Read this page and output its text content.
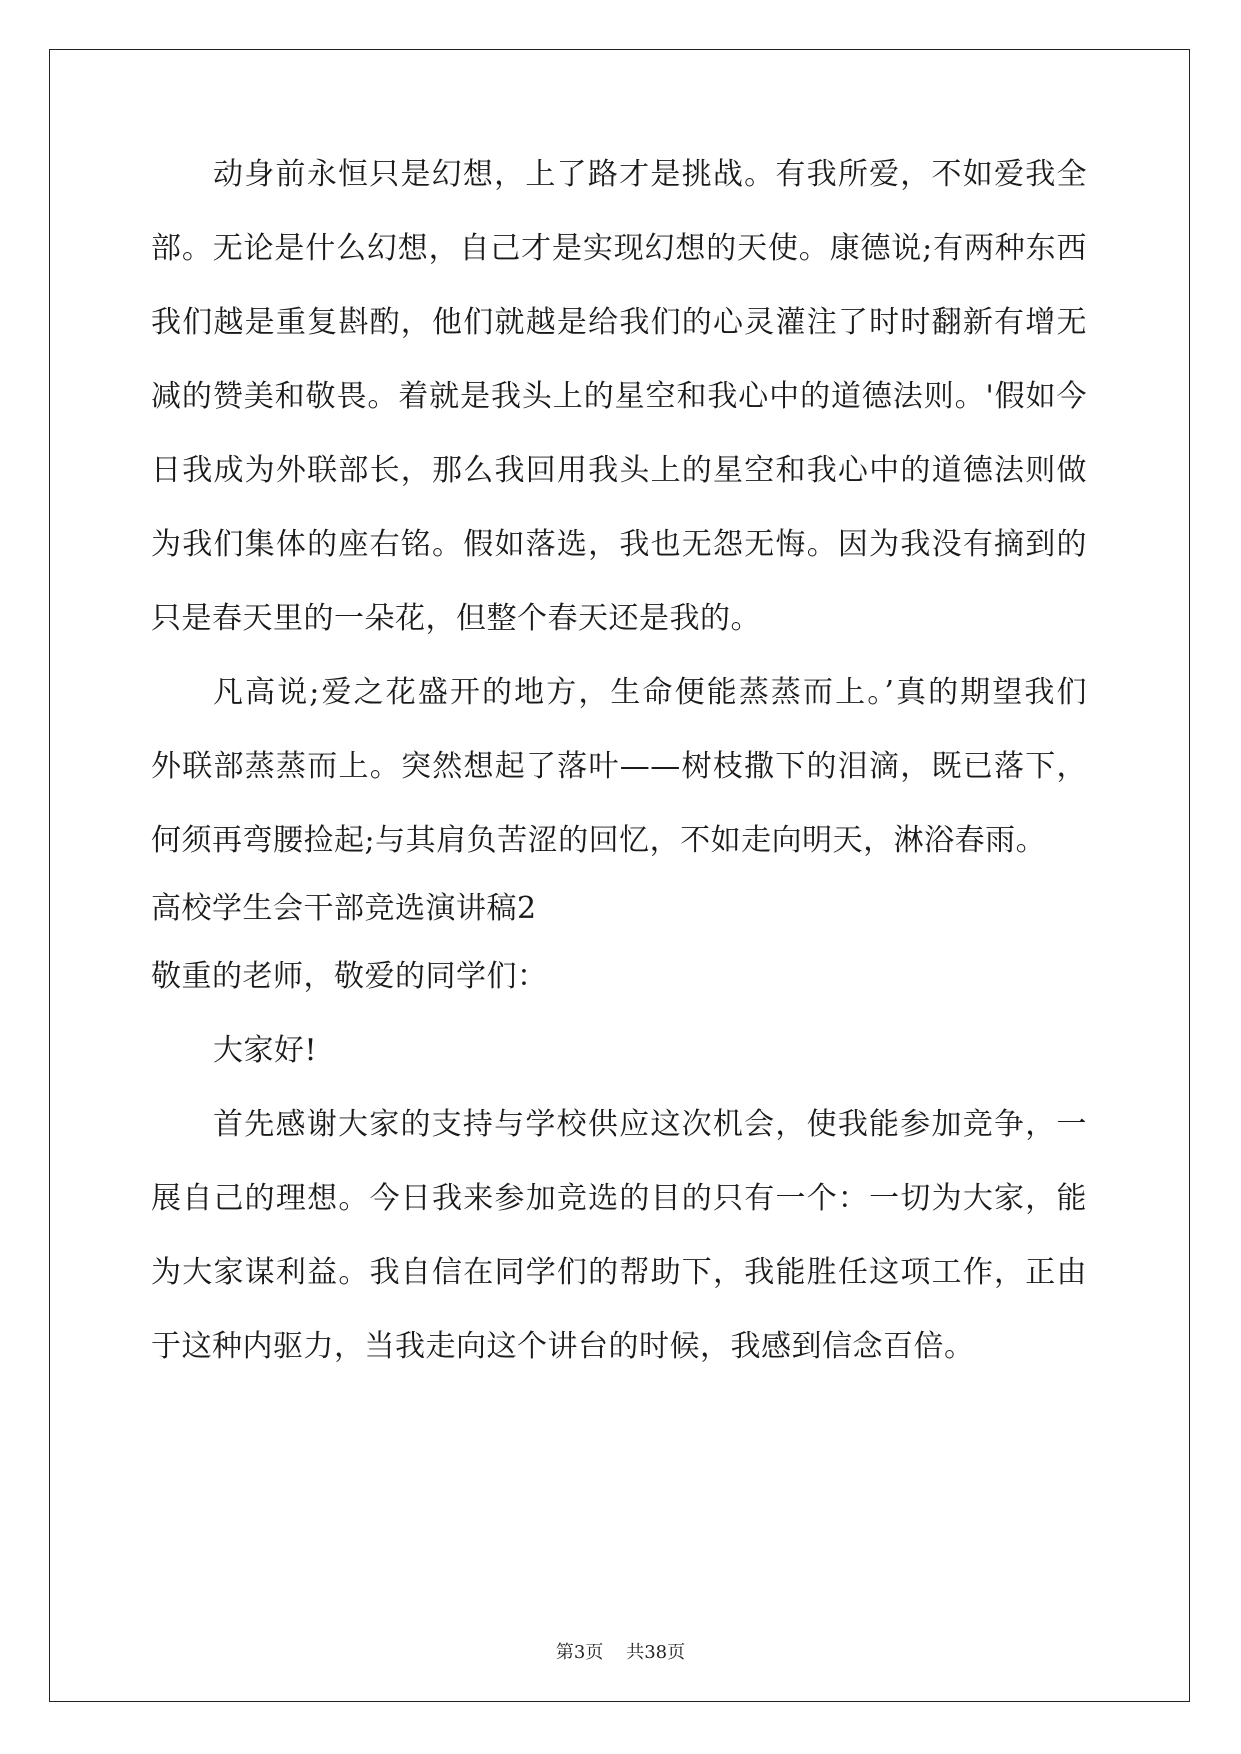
动身前永恒只是幻想，上了路才是挑战。有我所爱，不如爱我全
部。无论是什么幻想，自己才是实现幻想的天使。康德说;有两种东西
我们越是重复斟酌，他们就越是给我们的心灵灌注了时时翻新有增无
减的赞美和敬畏。着就是我头上的星空和我心中的道德法则。'假如今
日我成为外联部长，那么我回用我头上的星空和我心中的道德法则做
为我们集体的座右铭。假如落选，我也无怨无悔。因为我没有摘到的
只是春天里的一朵花，但整个春天还是我的。
凡高说;爱之花盛开的地方，生命便能蒸蒸而上。’真的期望我们
外联部蒸蒸而上。突然想起了落叶——树枝撒下的泪滴，既已落下，
何须再弯腰捡起;与其肩负苦涩的回忆，不如走向明天，淋浴春雨。
高校学生会干部竞选演讲稿2
敬重的老师，敬爱的同学们：
大家好!
首先感谢大家的支持与学校供应这次机会，使我能参加竞争，一
展自己的理想。今日我来参加竞选的目的只有一个：一切为大家，能
为大家谋利益。我自信在同学们的帮助下，我能胜任这项工作，正由
于这种内驱力，当我走向这个讲台的时候，我感到信念百倍。
第3页 共38页
